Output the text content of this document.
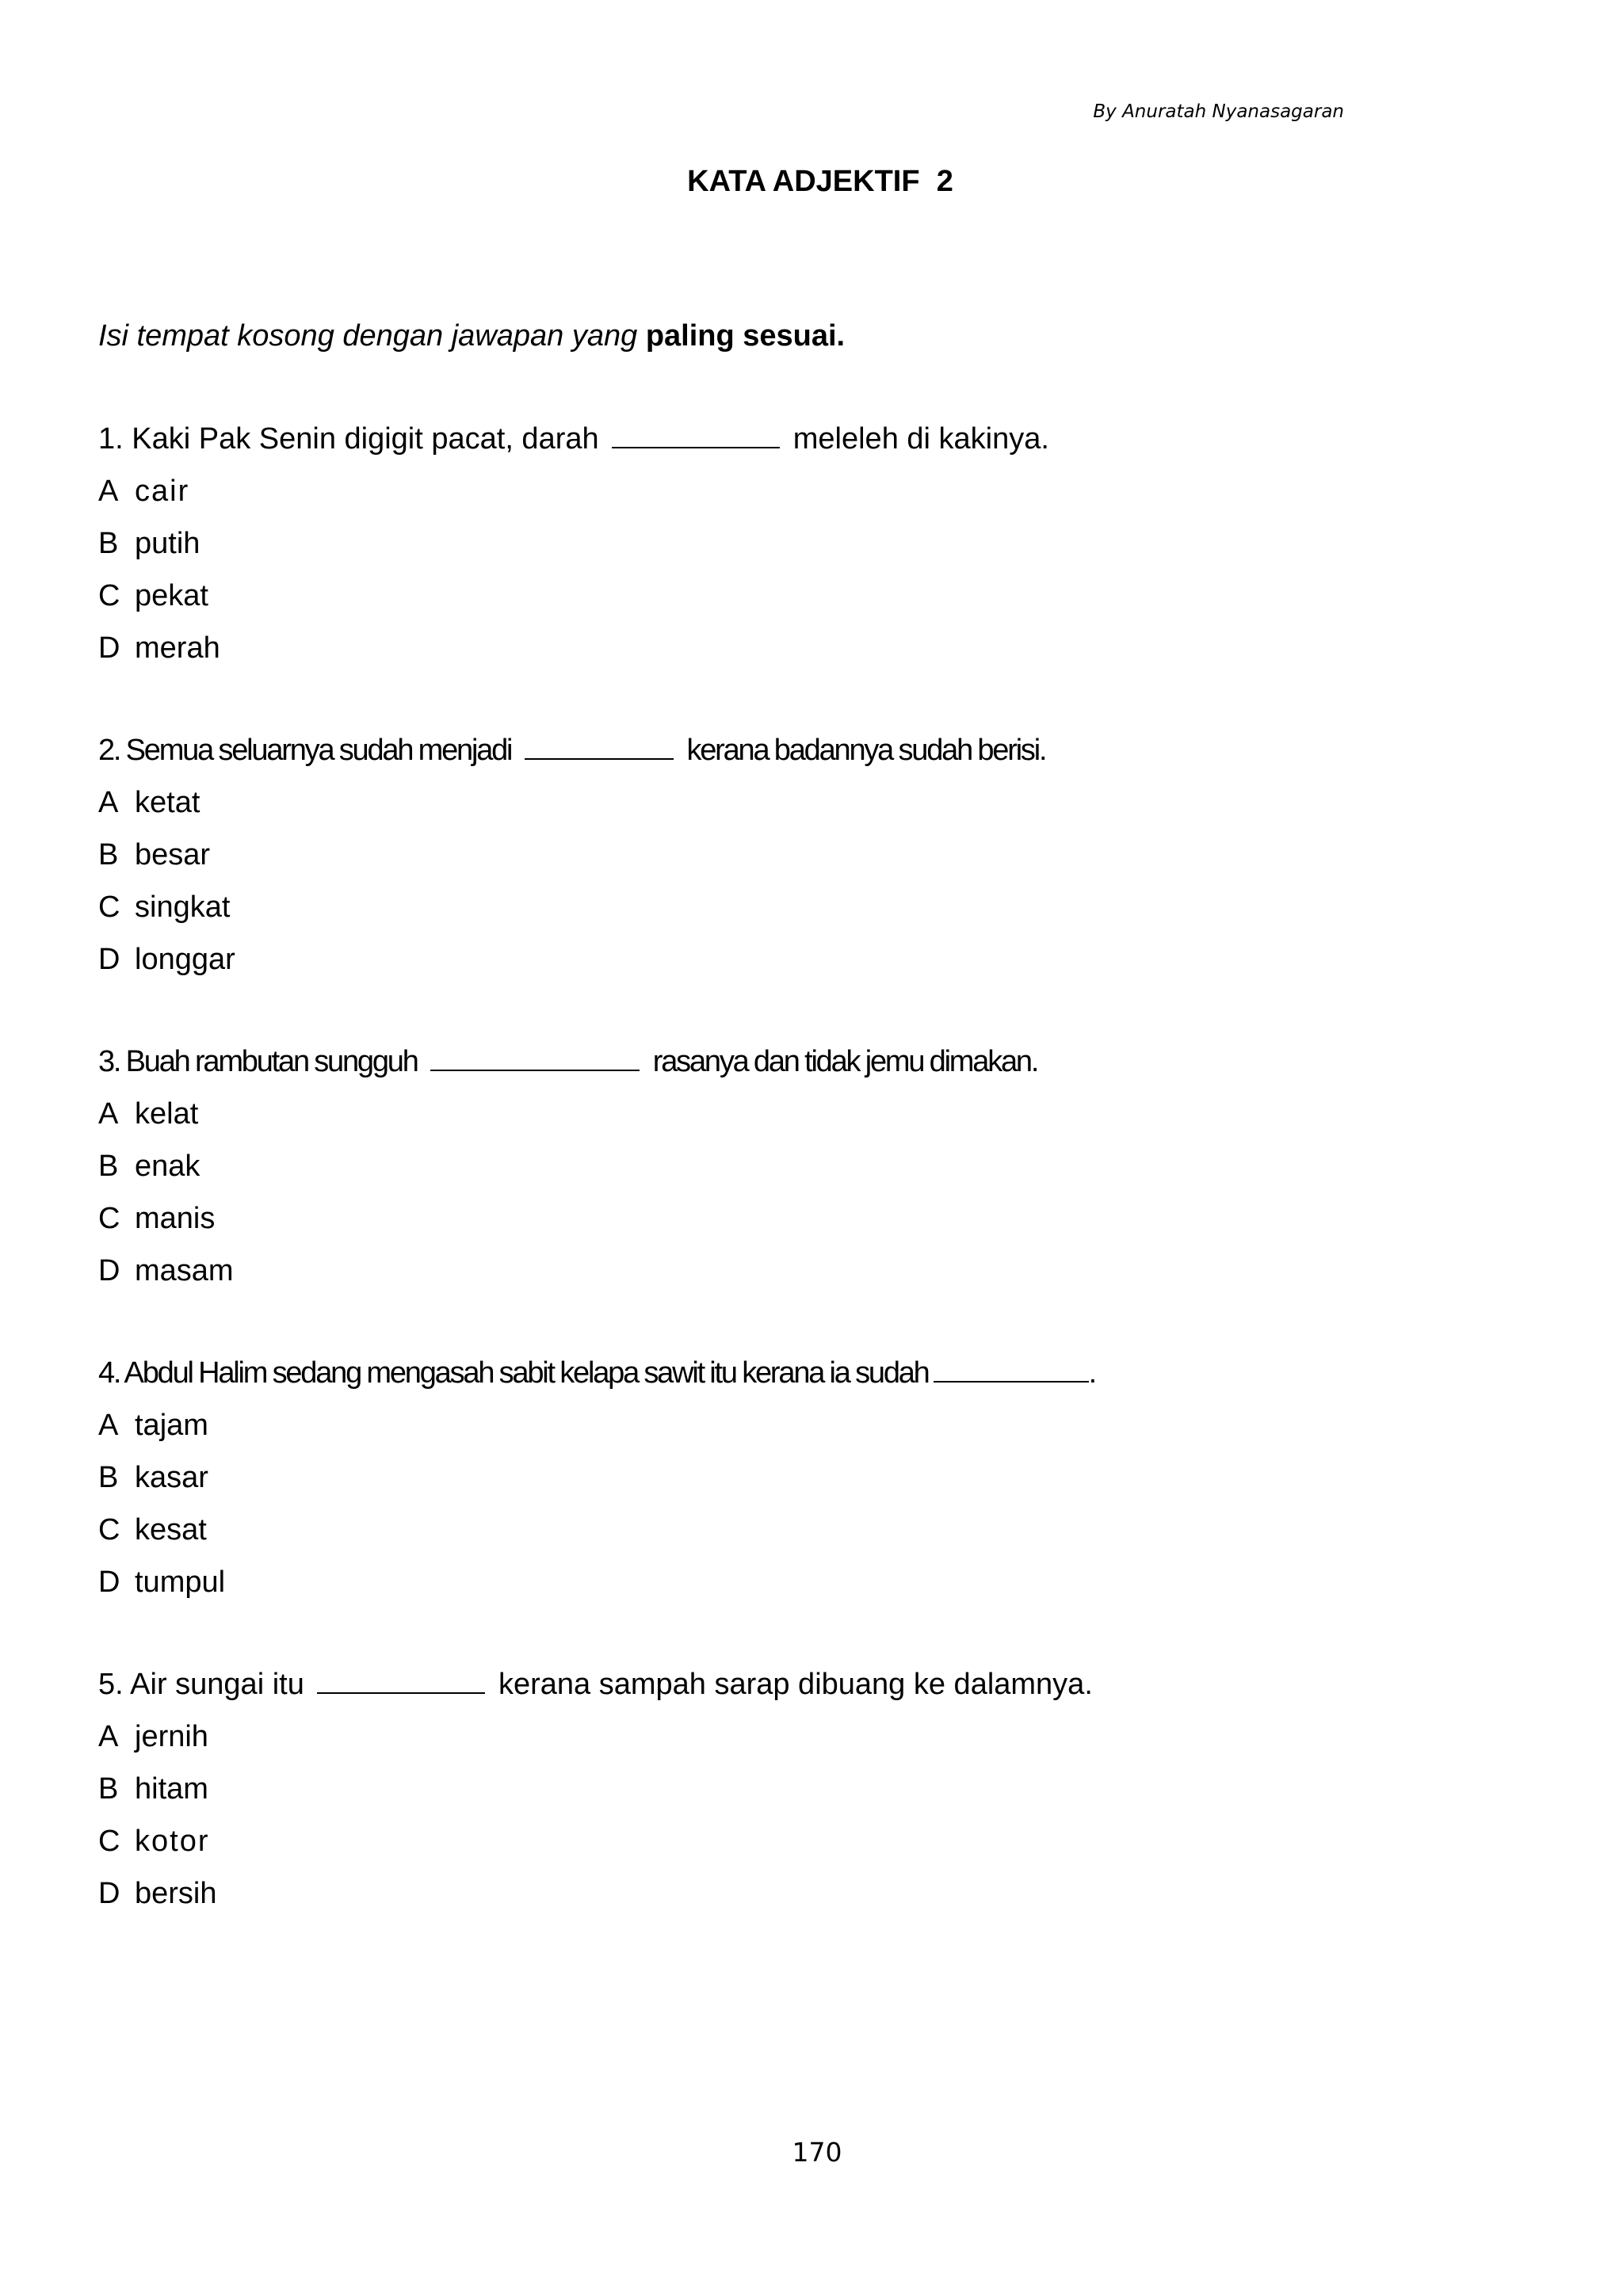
By Anuratah Nyanasagaran
KATA ADJEKTIF  2
Isi tempat kosong dengan jawapan yang paling sesuai.
1. Kaki Pak Senin digigit pacat, darah	meleleh di kakinya.
A cair
B putih
C pekat
D merah
2. Semua seluarnya sudah menjadi	kerana badannya sudah berisi.
A ketat
B besar
C singkat
D longgar
3. Buah rambutan sungguh	rasanya dan tidak jemu dimakan.
A kelat
B enak
C manis
D masam
4. Abdul Halim sedang mengasah sabit kelapa sawit itu kerana ia sudah	.
A tajam
B kasar
C kesat
D tumpul
5. Air sungai itu	kerana sampah sarap dibuang ke dalamnya.
A jernih
B hitam
C kotor
D bersih
170
